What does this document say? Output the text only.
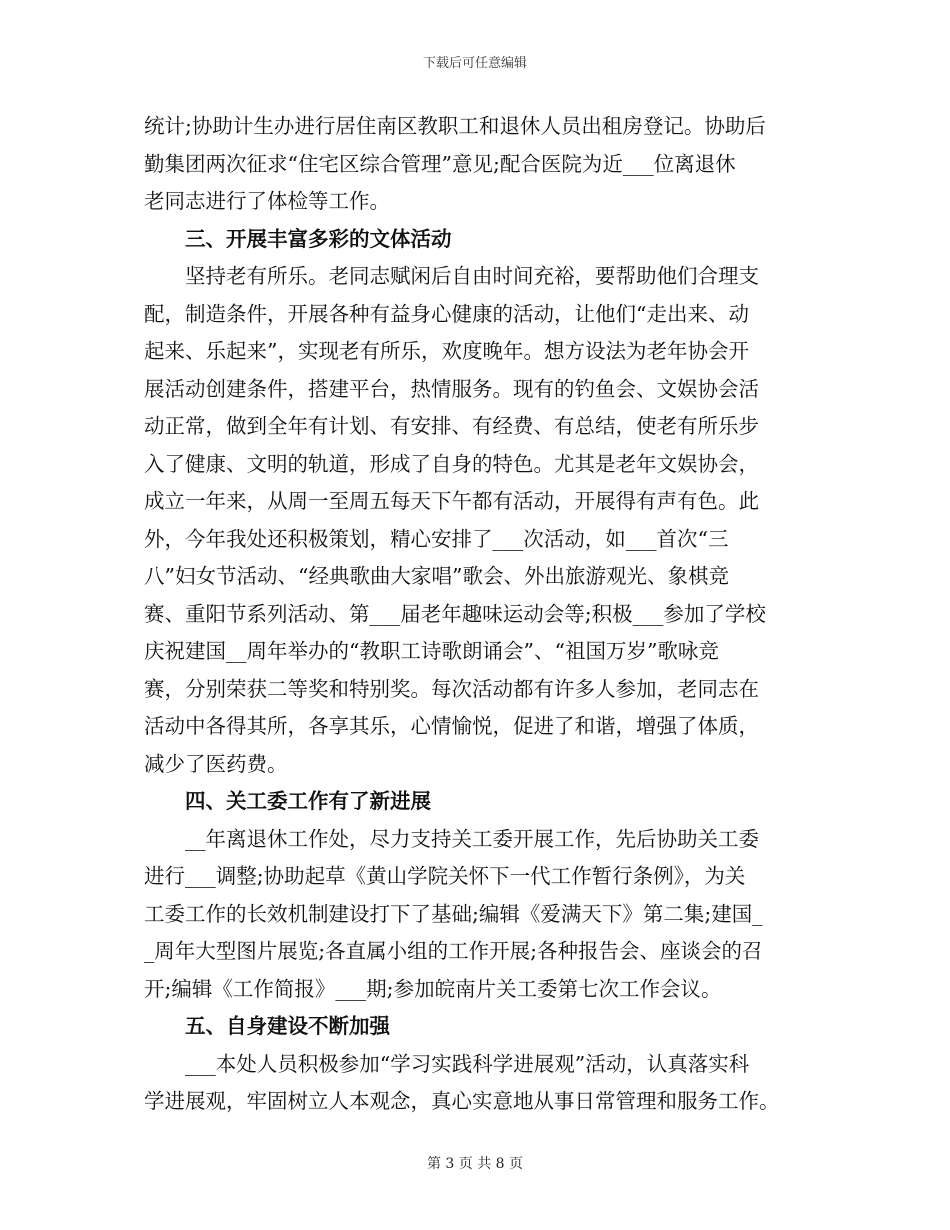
下载后可任意编辑
统计;协助计生办进行居住南区教职工和退休人员出租房登记。协助后
勤集团两次征求“住宅区综合管理”意见;配合医院为近___位离退休
老同志进行了体检等工作。
三、开展丰富多彩的文体活动
坚持老有所乐。老同志赋闲后自由时间充裕，要帮助他们合理支
配，制造条件，开展各种有益身心健康的活动，让他们“走出来、动
起来、乐起来”，实现老有所乐，欢度晚年。想方设法为老年协会开
展活动创建条件，搭建平台，热情服务。现有的钓鱼会、文娱协会活
动正常，做到全年有计划、有安排、有经费、有总结，使老有所乐步
入了健康、文明的轨道，形成了自身的特色。尤其是老年文娱协会，
成立一年来，从周一至周五每天下午都有活动，开展得有声有色。此
外，今年我处还积极策划，精心安排了___次活动，如___首次“三
八”妇女节活动、“经典歌曲大家唱”歌会、外出旅游观光、象棋竞
赛、重阳节系列活动、第___届老年趣味运动会等;积极___参加了学校
庆祝建国__周年举办的“教职工诗歌朗诵会”、“祖国万岁”歌咏竞
赛，分别荣获二等奖和特别奖。每次活动都有许多人参加，老同志在
活动中各得其所，各享其乐，心情愉悦，促进了和谐，增强了体质，
减少了医药费。
四、关工委工作有了新进展
__年离退休工作处，尽力支持关工委开展工作，先后协助关工委
进行___调整;协助起草《黄山学院关怀下一代工作暂行条例》，为关
工委工作的长效机制建设打下了基础;编辑《爱满天下》第二集;建国_
_周年大型图片展览;各直属小组的工作开展;各种报告会、座谈会的召
开;编辑《工作简报》___期;参加皖南片关工委第七次工作会议。
五、自身建设不断加强
___本处人员积极参加“学习实践科学进展观”活动，认真落实科
学进展观，牢固树立人本观念，真心实意地从事日常管理和服务工作。
第 3 页 共 8 页
